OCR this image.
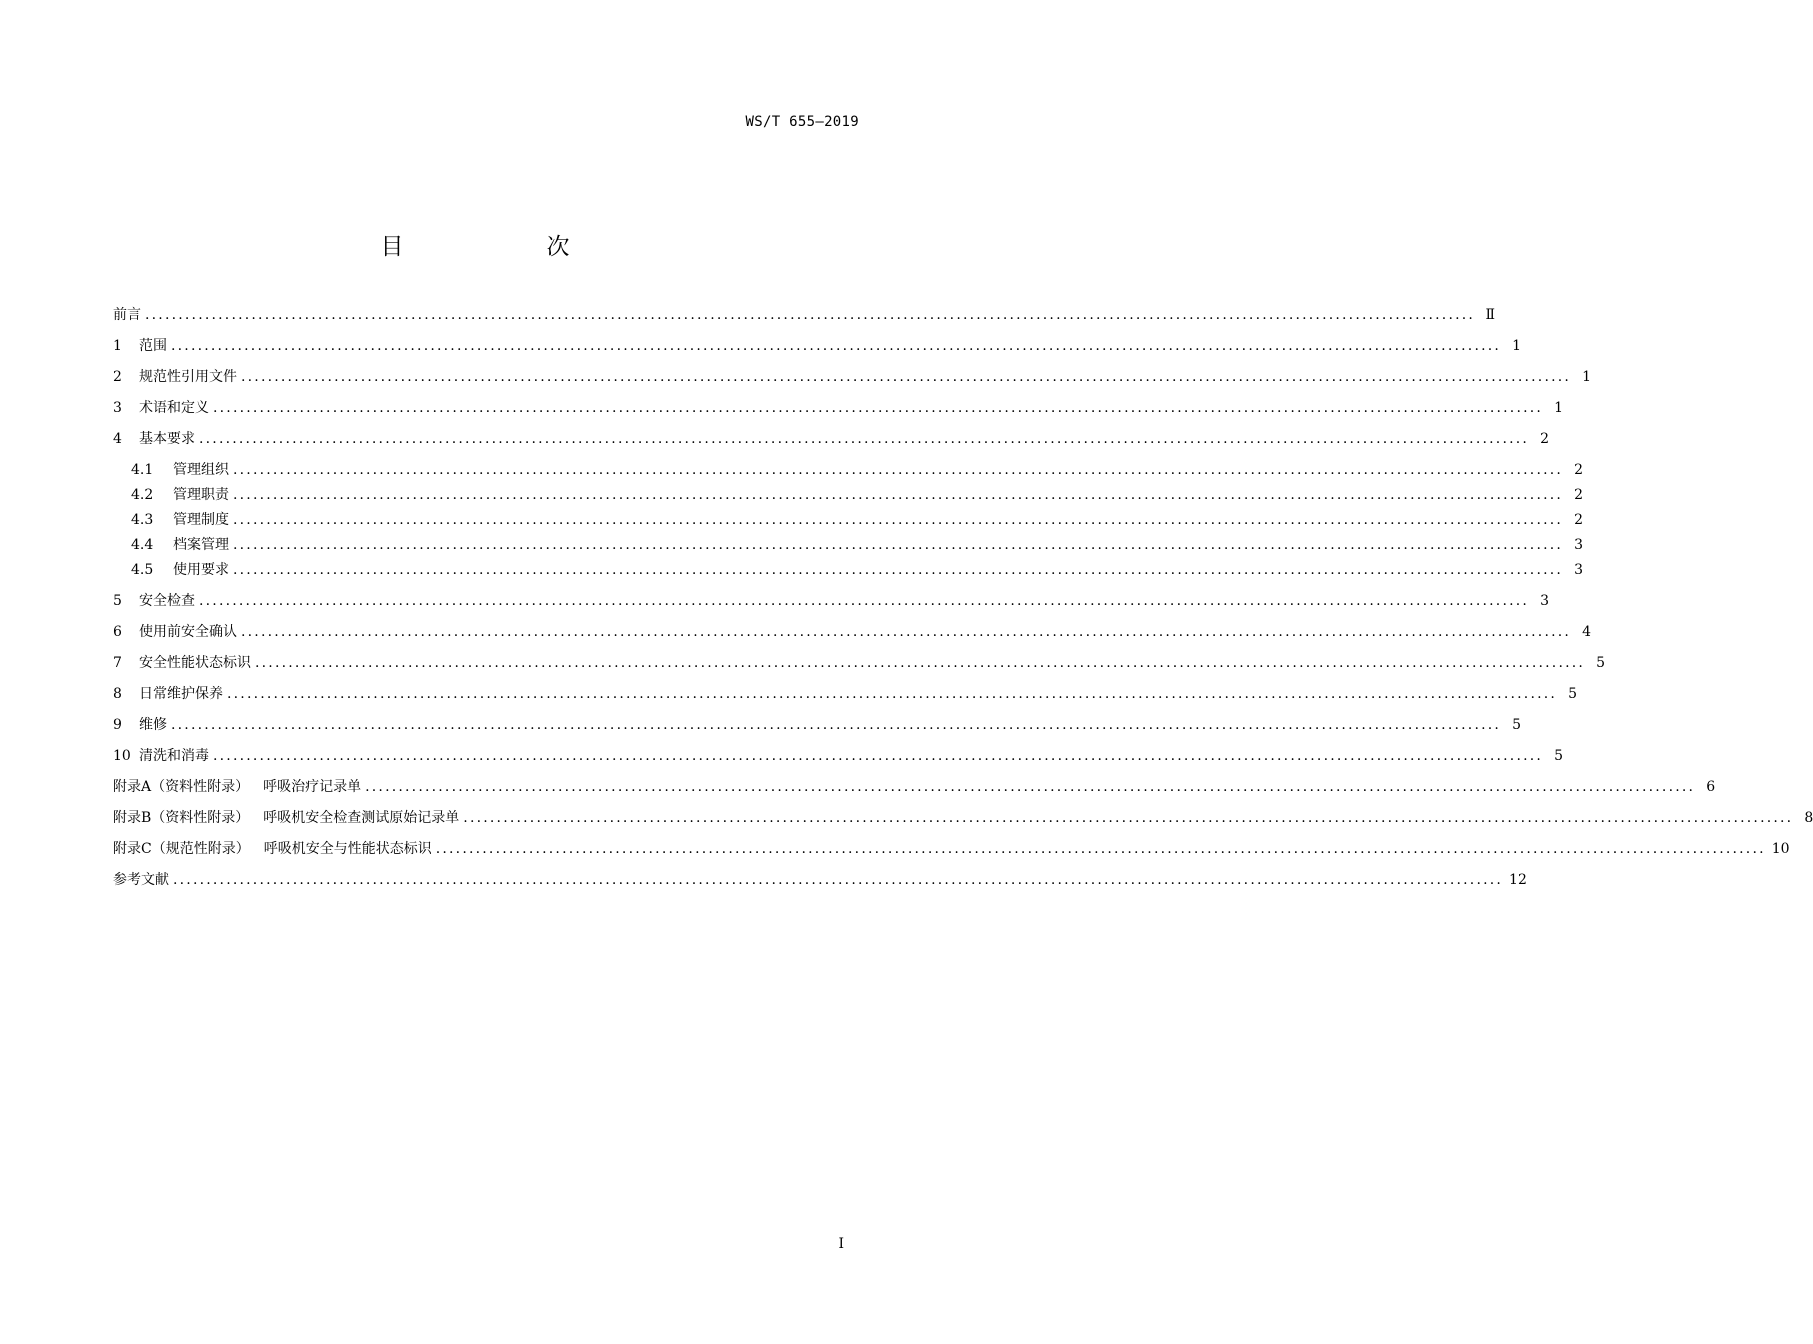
WS/T 655—2019
目　次
前言 ........................................................................................................................................................................................................ Ⅱ
1 范围 ........................................................................................................................................................................................................ 1
2 规范性引用文件 ........................................................................................................................................................................................................ 1
3 术语和定义 ........................................................................................................................................................................................................ 1
4 基本要求 ........................................................................................................................................................................................................ 2
4.1 管理组织 ........................................................................................................................................................................................................ 2
4.2 管理职责 ........................................................................................................................................................................................................ 2
4.3 管理制度 ........................................................................................................................................................................................................ 2
4.4 档案管理 ........................................................................................................................................................................................................ 3
4.5 使用要求 ........................................................................................................................................................................................................ 3
5 安全检查 ........................................................................................................................................................................................................ 3
6 使用前安全确认 ........................................................................................................................................................................................................ 4
7 安全性能状态标识 ........................................................................................................................................................................................................ 5
8 日常维护保养 ........................................................................................................................................................................................................ 5
9 维修 ........................................................................................................................................................................................................ 5
10 清洗和消毒 ........................................................................................................................................................................................................ 5
附录A（资料性附录）   呼吸治疗记录单 ........................................................................................................................................................................................................ 6
附录B（资料性附录）   呼吸机安全检查测试原始记录单 ........................................................................................................................................................................................................ 8
附录C（规范性附录）   呼吸机安全与性能状态标识 ........................................................................................................................................................................................................ 10
参考文献 ........................................................................................................................................................................................................ 12
I
